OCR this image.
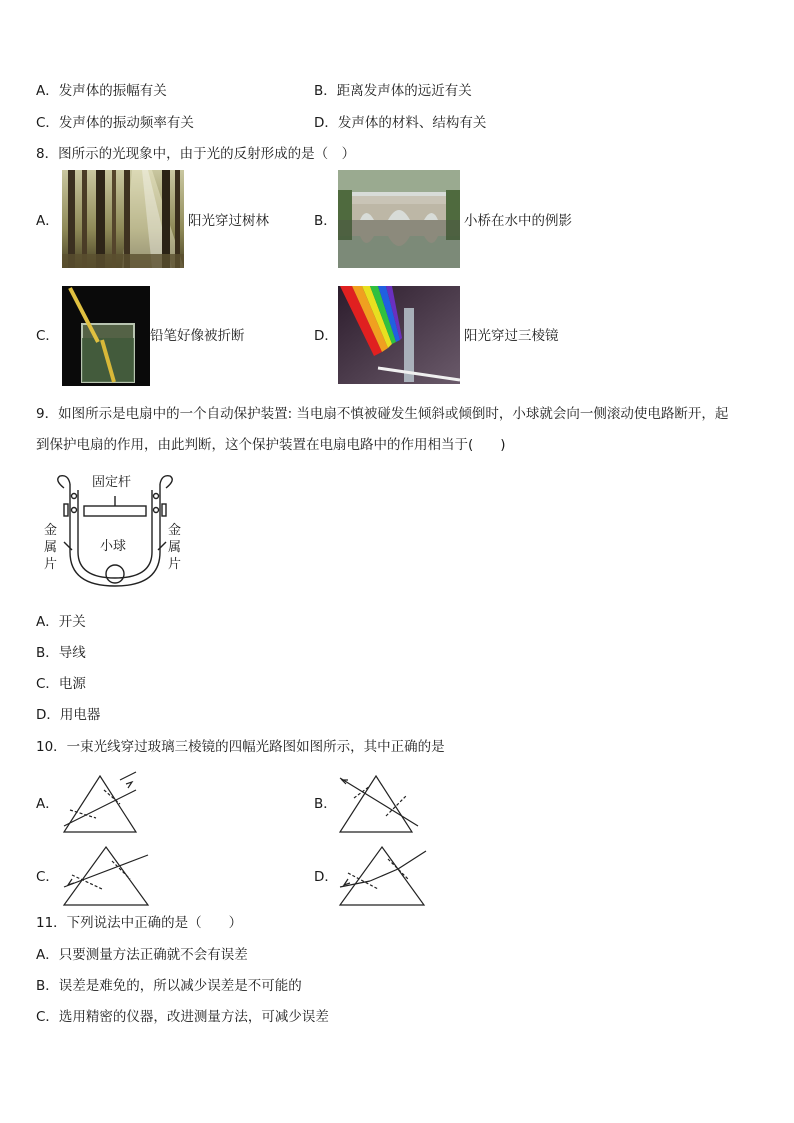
A．发声体的振幅有关	B．距离发声体的远近有关
C．发声体的振动频率有关	D．发声体的材料、结构有关
8．图所示的光现象中，由于光的反射形成的是（　）
A．	阳光穿过树林	B．	小桥在水中的例影
C．	铅笔好像被折断	D．	阳光穿过三棱镜
9．如图所示是电扇中的一个自动保护装置: 当电扇不慎被碰发生倾斜或倾倒时，小球就会向一侧滚动使电路断开，起
到保护电扇的作用，由此判断，这个保护装置在电扇电路中的作用相当于(　　)
固定杆
小球
金
属
片
金
属
片
A．开关
B．导线
C．电源
D．用电器
10．一束光线穿过玻璃三棱镜的四幅光路图如图所示，其中正确的是
A．	B．
C．	D．
11．下列说法中正确的是（　　）
A．只要测量方法正确就不会有误差
B．误差是难免的，所以减少误差是不可能的
C．选用精密的仪器，改进测量方法，可减少误差
